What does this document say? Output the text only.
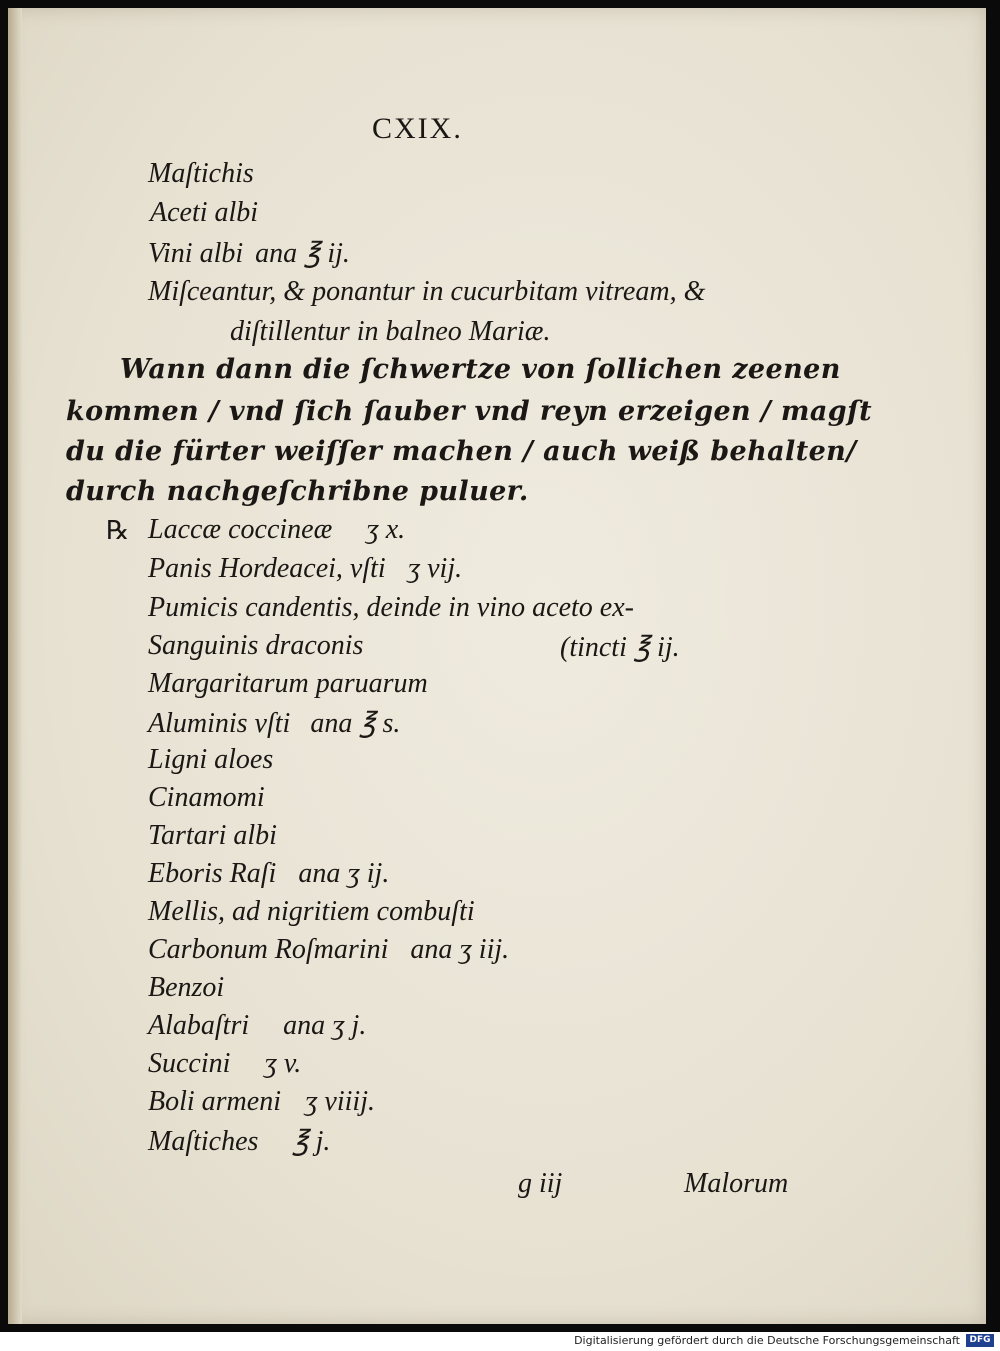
CXIX.
Maſtichis
Aceti albi
Vini albi ana ℥ ij.
Miſceantur, & ponantur in cucurbitam vitream, &
diſtillentur in balneo Mariæ.
Wann dann die ſchwertze von ſollichen zeenen
kommen / vnd ſich ſauber vnd reyn erzeigen / magſt
du die fürter weiſſer machen / auch weiß behalten/
durch nachgeſchribne puluer.
℞ Laccæ coccineæ ʒ x.
Panis Hordeacei, vſti ʒ vij.
Pumicis candentis, deinde in vino aceto ex-
Sanguinis draconis	(tincti ℥ ij.
Margaritarum paruarum
Aluminis vſti ana ℥ s.
Ligni aloes
Cinamomi
Tartari albi
Eboris Raſi ana ʒ ij.
Mellis, ad nigritiem combuſti
Carbonum Roſmarini ana ʒ iij.
Benzoi
Alabaſtri ana ʒ j.
Succini ʒ v.
Boli armeni ʒ viiij.
Maſtiches ℥ j.
g iij	Malorum
Digitalisierung gefördert durch die Deutsche Forschungsgemeinschaft	DFG
